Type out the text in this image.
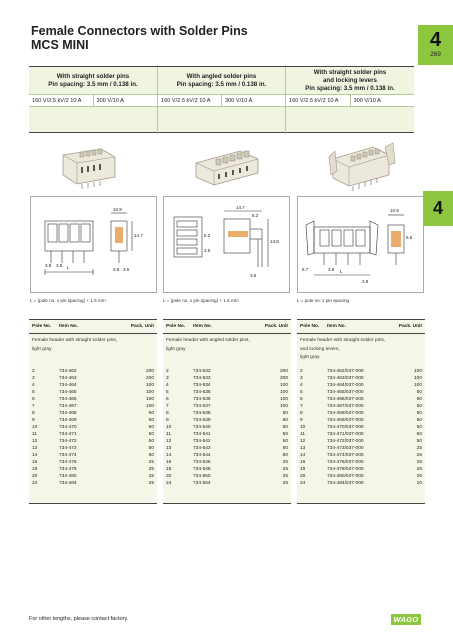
Female Connectors with Solder Pins
MCS MINI	4
269
4
With straight solder pins
Pin spacing: 3.5 mm / 0.138 in.
160 V/2.5 kV/2 10 A	300 V/10 A
With angled solder pins
Pin spacing: 3.5 mm / 0.138 in.
160 V/2.5 kV/2 10 A	300 V/10 A
With straight solder pins
and locking levers
Pin spacing: 3.5 mm / 0.138 in.
160 V/2.5 kV/2 10 A	300 V/10 A
10.9
L
14.7
3.8 3.5
3.8 3.5
14.7
8.2
13.8
5.2
3.6
3.5
10.9
8.7	L
3.9
3.8
5.5
L = (pole no. x pin spacing) + 1.5 mm	L = (pole no. x pin spacing) + 1.5 mm	L = pole no. x pin spacing
Pole No. Item No.	Pack. Unit
Female header with straight solder pins,
light gray
2	734-462	200
3	734-463	200
4	734-464	100
5	734-465	100
6	734-466	100
7	734-467	100
8	734-468	50
9	734-469	50
10	734-470	50
11	734-471	50
12	734-472	50
13	734-473	50
14	734-474	50
16	734-476	25
18	734-478	25
20	734-480	25
24	734-484	25
Pole No. Item No.	Pack. Unit
Female header with angled solder pins,
light gray
2	734-532	200
3	734-533	200
4	734-534	100
5	734-535	100
6	734-536	100
7	734-537	100
8	734-538	50
9	734-539	50
10	734-540	50
11	734-541	50
12	734-542	50
13	734-543	50
14	734-544	50
16	734-546	25
18	734-548	25
20	734-550	25
24	734-554	25
Pole No. Item No.	Pack. Unit
Female header with straight solder pins,
and locking levers,
light gray
2	734-462/037-000	100
3	734-463/037-000	100
4	734-464/037-000	100
5	734-465/037-000	50
6	734-466/037-000	50
7	734-467/037-000	50
8	734-468/037-000	50
9	734-469/037-000	50
10	734-470/037-000	50
11	734-471/037-000	50
12	734-472/037-000	50
13	734-473/037-000	25
14	734-474/037-000	25
16	734-476/037-000	25
18	734-478/037-000	25
20	734-480/037-000	25
24	734-484/037-000	10
For other lengths, please contact factory.	WAGO
